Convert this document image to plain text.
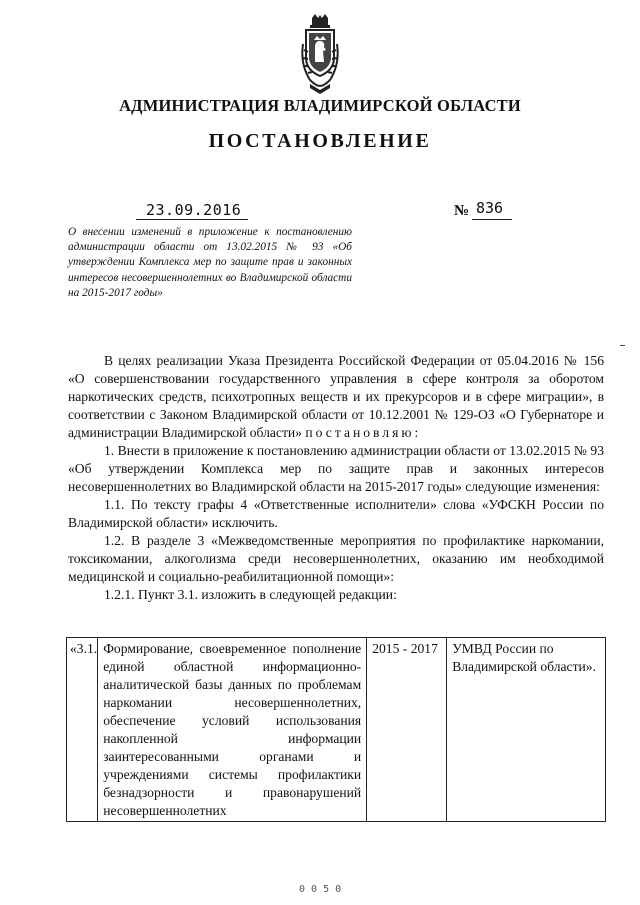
АДМИНИСТРАЦИЯ ВЛАДИМИРСКОЙ ОБЛАСТИ
ПОСТАНОВЛЕНИЕ
23.09.2016	№ 836
О внесении изменений в приложение к постановлению администрации области от 13.02.2015 № 93 «Об утверждении Комплекса мер по защите прав и законных интересов несовершеннолетних во Владимирской области на 2015-2017 годы»

В целях реализации Указа Президента Российской Федерации от 05.04.2016 № 156 «О совершенствовании государственного управления в сфере контроля за оборотом наркотических средств, психотропных веществ и их прекурсоров и в сфере миграции», в соответствии с Законом Владимирской области от 10.12.2001 № 129-ОЗ «О Губернаторе и администрации Владимирской области» постановляю:

1. Внести в приложение к постановлению администрации области от 13.02.2015 № 93 «Об утверждении Комплекса мер по защите прав и законных интересов несовершеннолетних во Владимирской области на 2015-2017 годы» следующие изменения:

1.1. По тексту графы 4 «Ответственные исполнители» слова «УФСКН России по Владимирской области» исключить.

1.2. В разделе 3 «Межведомственные мероприятия по профилактике наркомании, токсикомании, алкоголизма среди несовершеннолетних, оказанию им необходимой медицинской и социально-реабилитационной помощи»:

1.2.1. Пункт 3.1. изложить в следующей редакции:

«3.1.	Формирование, своевременное пополнение единой областной информационно-аналитической базы данных по проблемам наркомании несовершеннолетних, обеспечение условий использования накопленной информации заинтересованными органами и учреждениями системы профилактики безнадзорности и правонарушений несовершеннолетних	2015 - 2017	УМВД России по Владимирской области».
0 0 5 0
